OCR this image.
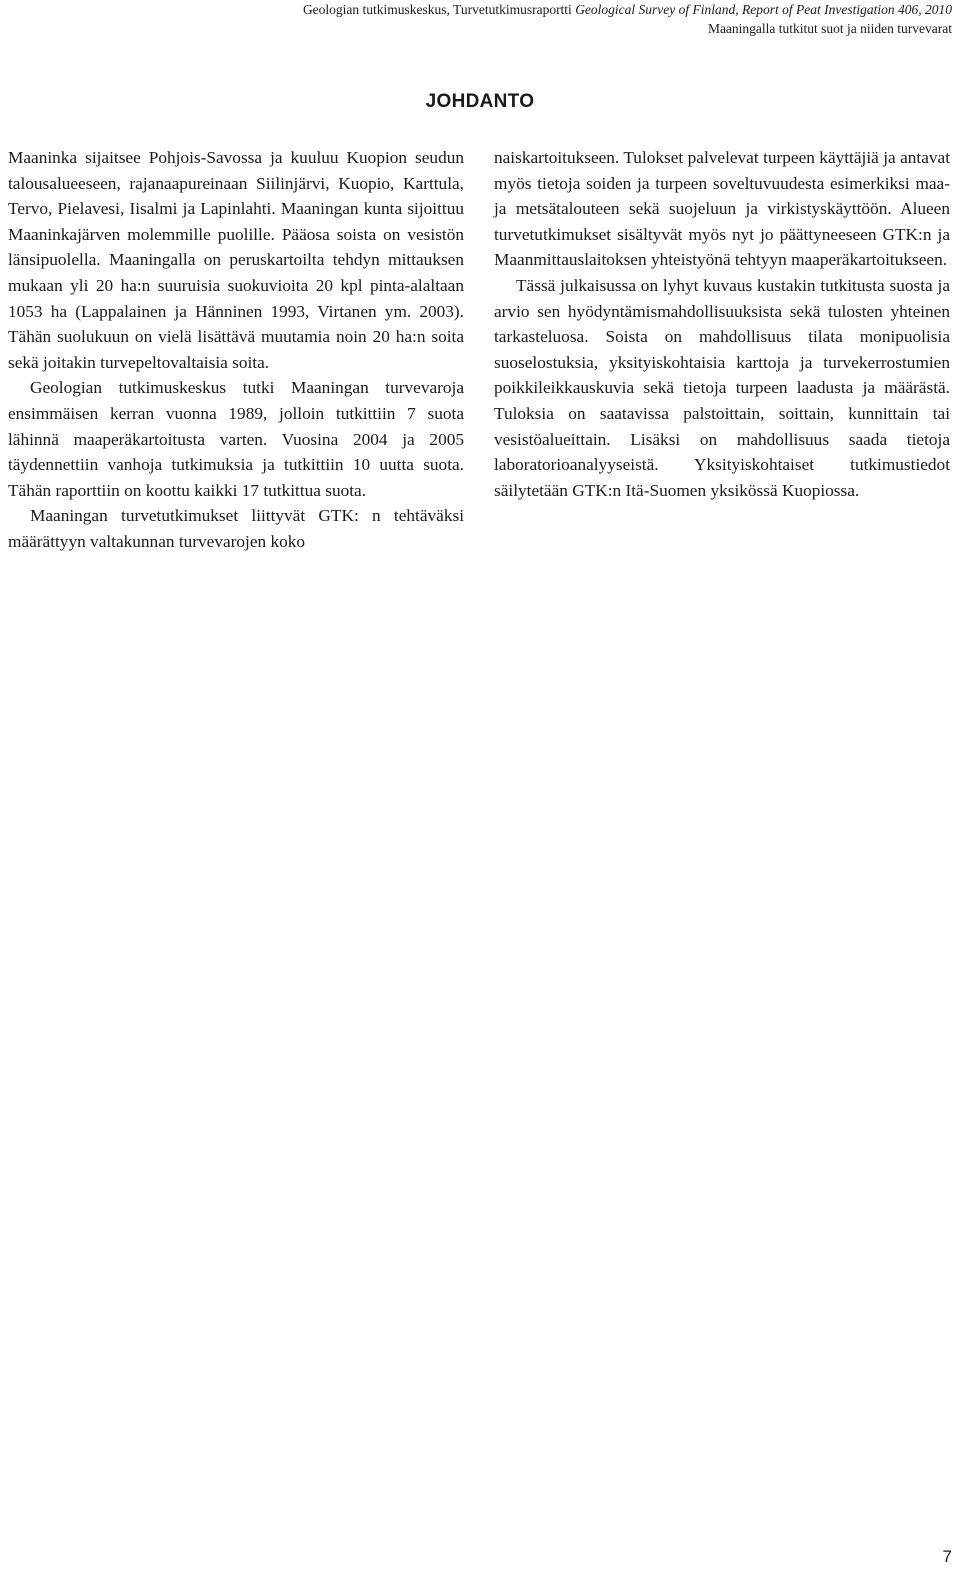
Geologian tutkimuskeskus, Turvetutkimusraportti Geological Survey of Finland, Report of Peat Investigation 406, 2010
Maaningalla tutkitut suot ja niiden turvevarat
JOHDANTO

Maaninka sijaitsee Pohjois-Savossa ja kuuluu Kuopion seudun talousalueeseen, rajanaapureinaan Siilinjärvi, Kuopio, Karttula, Tervo, Pielavesi, Iisalmi ja Lapinlahti. Maaningan kunta sijoittuu Maaninkajärven molemmille puolille. Pääosa soista on vesistön länsipuolella. Maaningalla on peruskartoilta tehdyn mittauksen mukaan yli 20 ha:n suuruisia suokuvioita 20 kpl pinta-alaltaan 1053 ha (Lappalainen ja Hänninen 1993, Virtanen ym. 2003). Tähän suolukuun on vielä lisättävä muutamia noin 20 ha:n soita sekä joitakin turvepeltovaltaisia soita.

Geologian tutkimuskeskus tutki Maaningan turvevaroja ensimmäisen kerran vuonna 1989, jolloin tutkittiin 7 suota lähinnä maaperäkartoitusta varten. Vuosina 2004 ja 2005 täydennettiin vanhoja tutkimuksia ja tutkittiin 10 uutta suota. Tähän raporttiin on koottu kaikki 17 tutkittua suota.

Maaningan turvetutkimukset liittyvät GTK: n tehtäväksi määrättyyn valtakunnan turvevarojen koko

naiskartoitukseen. Tulokset palvelevat turpeen käyttäjiä ja antavat myös tietoja soiden ja turpeen soveltuvuudesta esimerkiksi maa- ja metsätalouteen sekä suojeluun ja virkistyskäyttöön. Alueen turvetutkimukset sisältyvät myös nyt jo päättyneeseen GTK:n ja Maanmittauslaitoksen yhteistyönä tehtyyn maaperäkartoitukseen.

Tässä julkaisussa on lyhyt kuvaus kustakin tutkitusta suosta ja arvio sen hyödyntämismahdollisuuksista sekä tulosten yhteinen tarkasteluosa. Soista on mahdollisuus tilata monipuolisia suoselostuksia, yksityiskohtaisia karttoja ja turvekerrostumien poikkileikkauskuvia sekä tietoja turpeen laadusta ja määrästä. Tuloksia on saatavissa palstoittain, soittain, kunnittain tai vesistöalueittain. Lisäksi on mahdollisuus saada tietoja laboratorioanalyyseistä. Yksityiskohtaiset tutkimustiedot säilytetään GTK:n Itä-Suomen yksikössä Kuopiossa.

7
